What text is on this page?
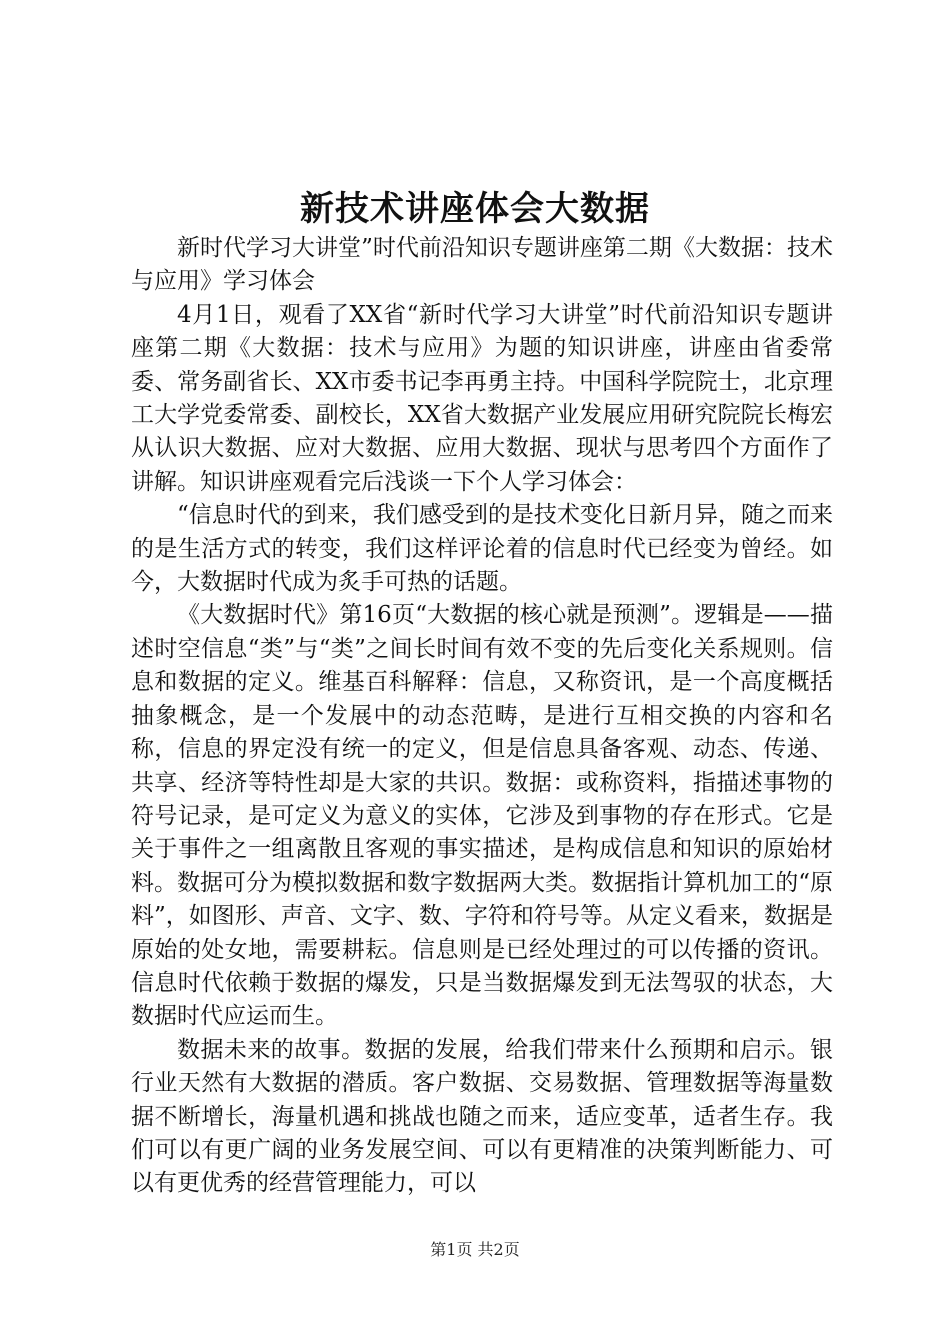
新技术讲座体会大数据

新时代学习大讲堂”时代前沿知识专题讲座第二期《大数据：技术与应用》学习体会

4月1日，观看了XX省“新时代学习大讲堂”时代前沿知识专题讲座第二期《大数据：技术与应用》为题的知识讲座，讲座由省委常委、常务副省长、XX市委书记李再勇主持。中国科学院院士，北京理工大学党委常委、副校长，XX省大数据产业发展应用研究院院长梅宏从认识大数据、应对大数据、应用大数据、现状与思考四个方面作了讲解。知识讲座观看完后浅谈一下个人学习体会：

“信息时代的到来，我们感受到的是技术变化日新月异，随之而来的是生活方式的转变，我们这样评论着的信息时代已经变为曾经。如今，大数据时代成为炙手可热的话题。

《大数据时代》第16页“大数据的核心就是预测”。逻辑是——描述时空信息“类”与“类”之间长时间有效不变的先后变化关系规则。信息和数据的定义。维基百科解释：信息，又称资讯，是一个高度概括抽象概念，是一个发展中的动态范畴，是进行互相交换的内容和名称，信息的界定没有统一的定义，但是信息具备客观、动态、传递、共享、经济等特性却是大家的共识。数据：或称资料，指描述事物的符号记录，是可定义为意义的实体，它涉及到事物的存在形式。它是关于事件之一组离散且客观的事实描述，是构成信息和知识的原始材料。数据可分为模拟数据和数字数据两大类。数据指计算机加工的“原料”，如图形、声音、文字、数、字符和符号等。从定义看来，数据是原始的处女地，需要耕耘。信息则是已经处理过的可以传播的资讯。信息时代依赖于数据的爆发，只是当数据爆发到无法驾驭的状态，大数据时代应运而生。

数据未来的故事。数据的发展，给我们带来什么预期和启示。银行业天然有大数据的潜质。客户数据、交易数据、管理数据等海量数据不断增长，海量机遇和挑战也随之而来，适应变革，适者生存。我们可以有更广阔的业务发展空间、可以有更精准的决策判断能力、可以有更优秀的经营管理能力，可以

第1页 共2页
